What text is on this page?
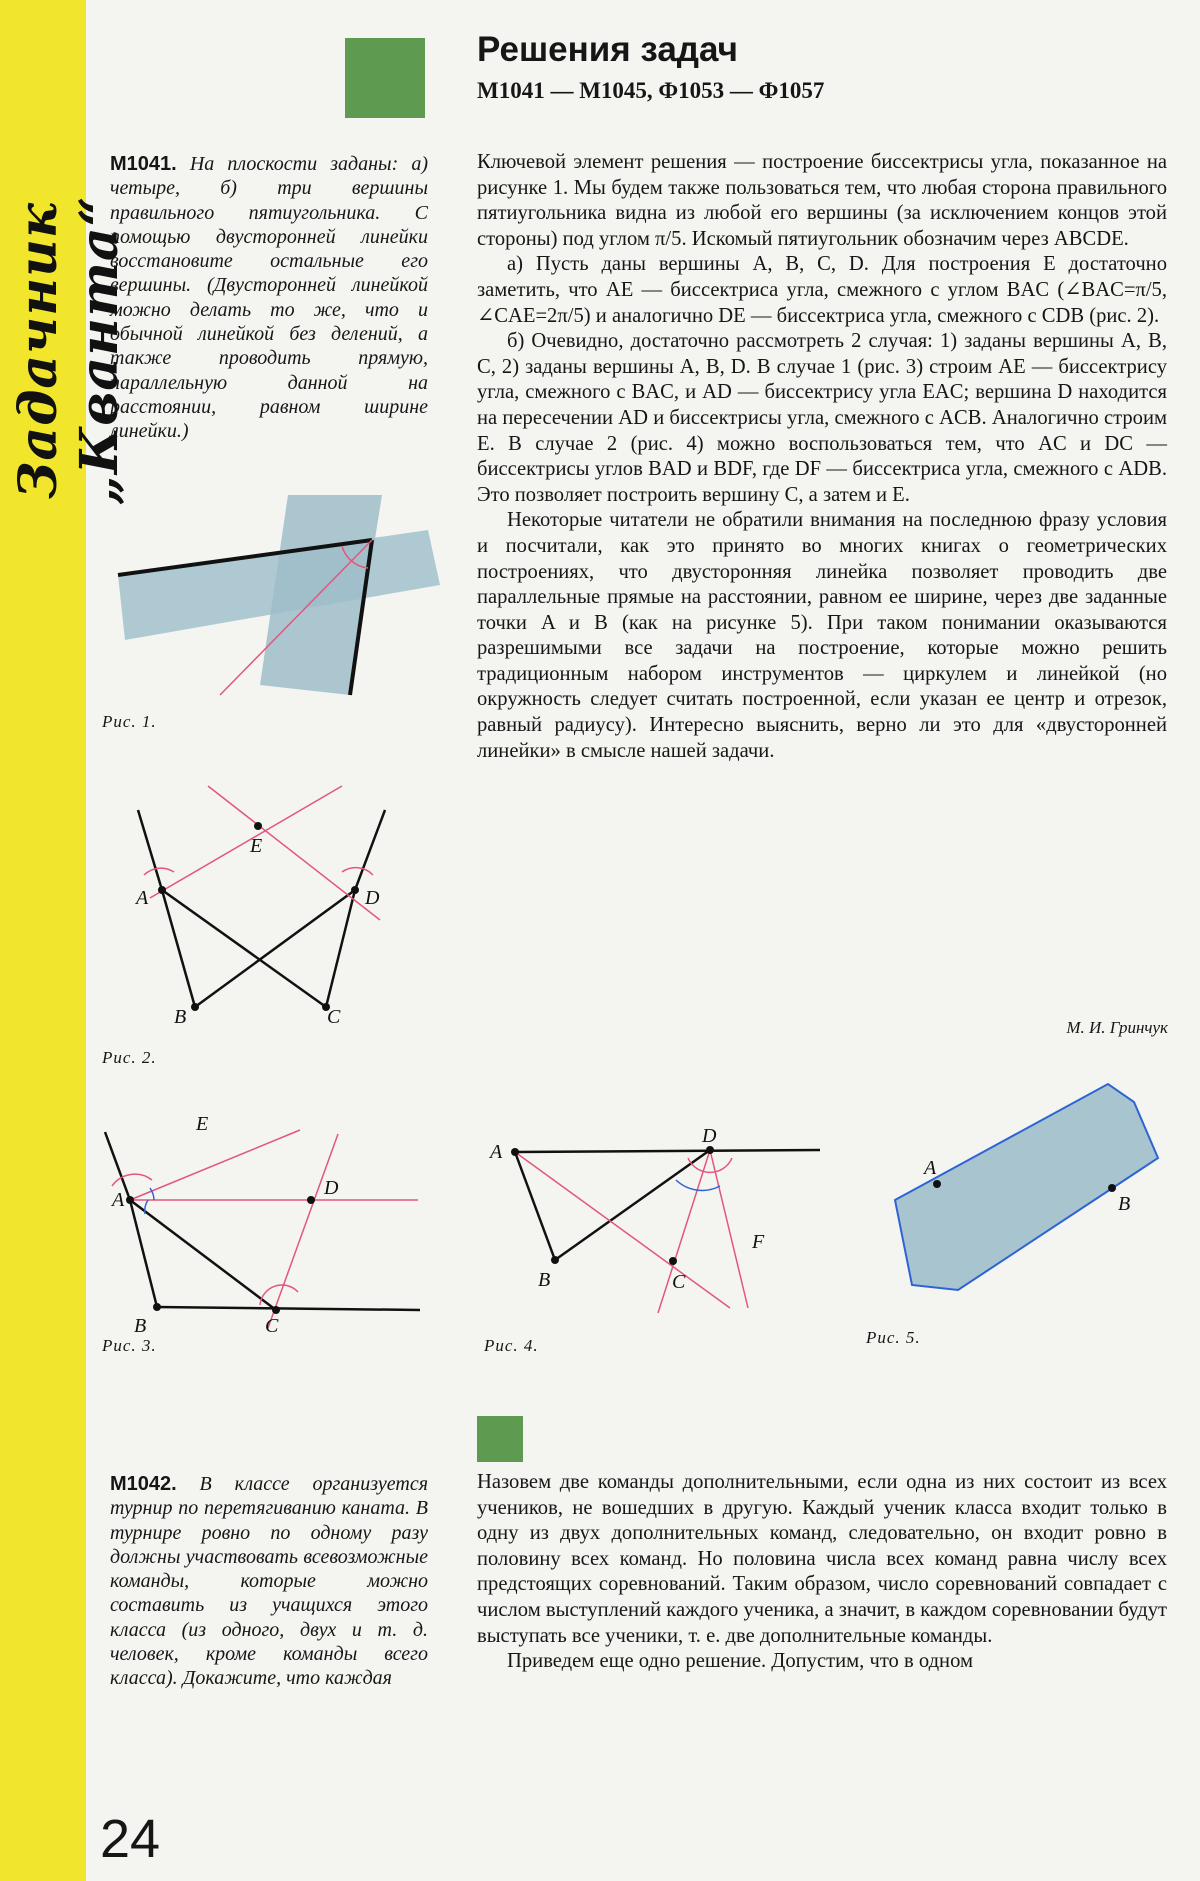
Задачник „Кванта“
Решения задач
М1041 — М1045, Ф1053 — Ф1057
М1041. На плоскости заданы: а) четыре, б) три вершины правильного пятиугольника. С помощью двусторонней линейки восстановите остальные его вершины. (Двусторонней линейкой можно делать то же, что и обычной линейкой без делений, а также проводить прямую, параллельную данной на расстоянии, равном ширине линейки.)

Ключевой элемент решения — построение биссектрисы угла, показанное на рисунке 1. Мы будем также пользоваться тем, что любая сторона правильного пятиугольника видна из любой его вершины (за исключением концов этой стороны) под углом π/5. Искомый пятиугольник обозначим через ABCDE.

а) Пусть даны вершины A, B, C, D. Для построения E достаточно заметить, что AE — биссектриса угла, смежного с углом BAC (∠BAC=π/5, ∠CAE=2π/5) и аналогично DE — биссектриса угла, смежного с CDB (рис. 2).

б) Очевидно, достаточно рассмотреть 2 случая: 1) заданы вершины A, B, C, 2) заданы вершины A, B, D. В случае 1 (рис. 3) строим AE — биссектрису угла, смежного с BAC, и AD — биссектрису угла EAC; вершина D находится на пересечении AD и биссектрисы угла, смежного с ACB. Аналогично строим E. В случае 2 (рис. 4) можно воспользоваться тем, что AC и DC — биссектрисы углов BAD и BDF, где DF — биссектриса угла, смежного с ADB. Это позволяет построить вершину C, а затем и E.

Некоторые читатели не обратили внимания на последнюю фразу условия и посчитали, как это принято во многих книгах о геометрических построениях, что двусторонняя линейка позволяет проводить две параллельные прямые на расстоянии, равном ее ширине, через две заданные точки A и B (как на рисунке 5). При таком понимании оказываются разрешимыми все задачи на построение, которые можно решить традиционным набором инструментов — циркулем и линейкой (но окружность следует считать построенной, если указан ее центр и отрезок, равный радиусу). Интересно выяснить, верно ли это для «двусторонней линейки» в смысле нашей задачи.

М. И. Гринчук
Рис. 1.
E
A	D
B	C
Рис. 2.
E
A
D
B	C
Рис. 3.
A
D
F
B	C
Рис. 4.
A
B
Рис. 5.
М1042. В классе организуется турнир по перетягиванию каната. В турнире ровно по одному разу должны участвовать всевозможные команды, которые можно составить из учащихся этого класса (из одного, двух и т. д. человек, кроме команды всего класса). Докажите, что каждая

Назовем две команды дополнительными, если одна из них состоит из всех учеников, не вошедших в другую. Каждый ученик класса входит только в одну из двух дополнительных команд, следовательно, он входит ровно в половину всех команд. Но половина числа всех команд равна числу всех предстоящих соревнований. Таким образом, число соревнований совпадает с числом выступлений каждого ученика, а значит, в каждом соревновании будут выступать все ученики, т. е. две дополнительные команды.

Приведем еще одно решение. Допустим, что в одном

24
